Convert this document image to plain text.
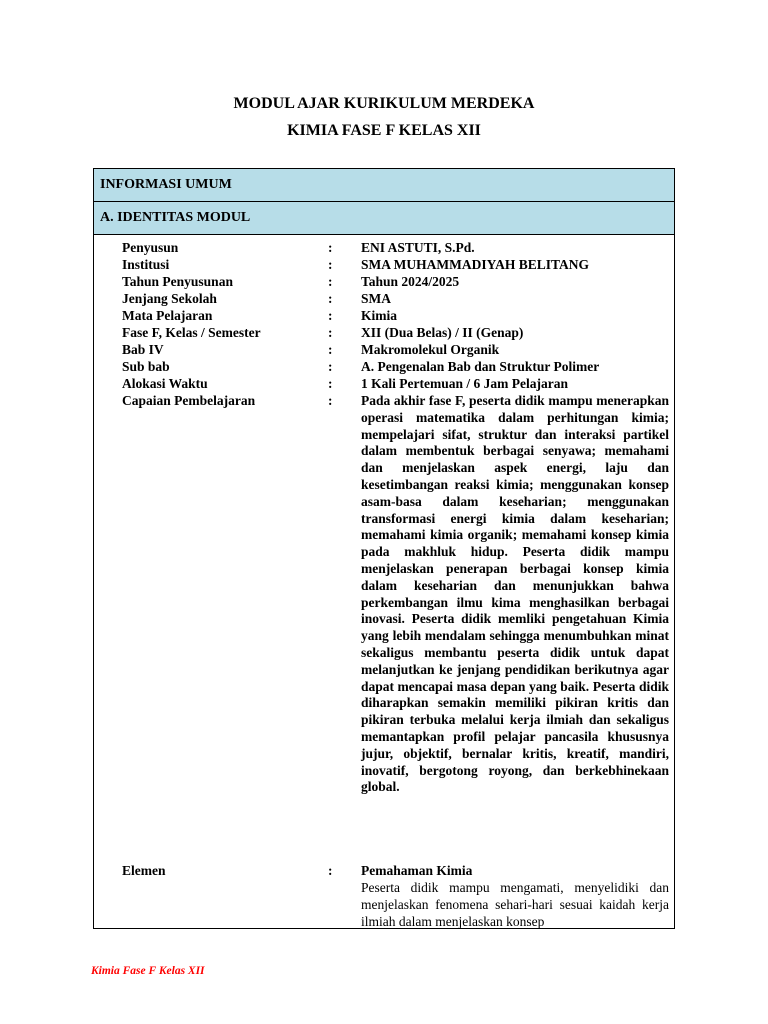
MODUL AJAR KURIKULUM MERDEKA
KIMIA FASE F KELAS XII
INFORMASI UMUM
A. IDENTITAS MODUL
Penyusun	: ENI ASTUTI, S.Pd.
Institusi	: SMA MUHAMMADIYAH BELITANG
Tahun Penyusunan	: Tahun 2024/2025
Jenjang Sekolah	: SMA
Mata Pelajaran	: Kimia
Fase F, Kelas / Semester	: XII (Dua Belas) / II (Genap)
Bab IV	: Makromolekul Organik
Sub bab	: A. Pengenalan Bab dan Struktur Polimer
Alokasi Waktu	: 1 Kali Pertemuan / 6 Jam Pelajaran
Capaian Pembelajaran	: Pada akhir fase F, peserta didik mampu menerapkan operasi matematika dalam perhitungan kimia; mempelajari sifat, struktur dan interaksi partikel dalam membentuk berbagai senyawa; memahami dan menjelaskan aspek energi, laju dan kesetimbangan reaksi kimia; menggunakan konsep asam-basa dalam keseharian; menggunakan transformasi energi kimia dalam keseharian; memahami kimia organik; memahami konsep kimia pada makhluk hidup. Peserta didik mampu menjelaskan penerapan berbagai konsep kimia dalam keseharian dan menunjukkan bahwa perkembangan ilmu kima menghasilkan berbagai inovasi. Peserta didik memliki pengetahuan Kimia yang lebih mendalam sehingga menumbuhkan minat sekaligus membantu peserta didik untuk dapat melanjutkan ke jenjang pendidikan berikutnya agar dapat mencapai masa depan yang baik. Peserta didik diharapkan semakin memiliki pikiran kritis dan pikiran terbuka melalui kerja ilmiah dan sekaligus memantapkan profil pelajar pancasila khususnya jujur, objektif, bernalar kritis, kreatif, mandiri, inovatif, bergotong royong, dan berkebhinekaan global.
Elemen	: Pemahaman Kimia
Peserta didik mampu mengamati, menyelidiki dan menjelaskan fenomena sehari-hari sesuai kaidah kerja ilmiah dalam menjelaskan konsep
Kimia Fase F Kelas XII
